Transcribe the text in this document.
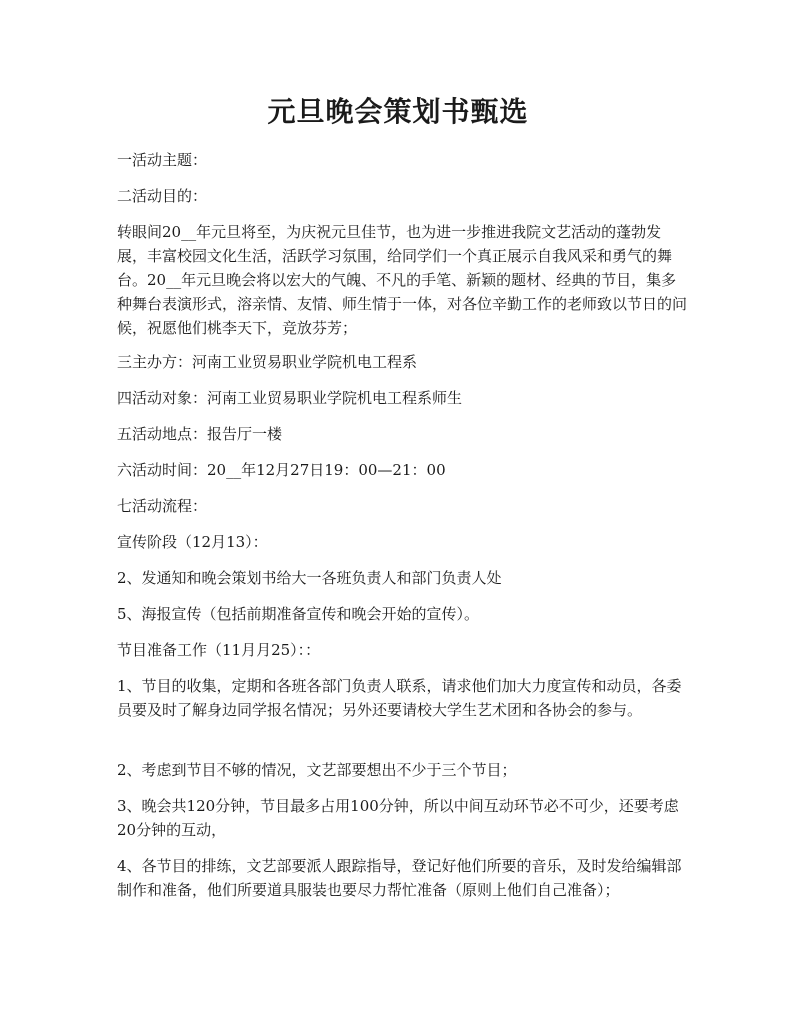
元旦晚会策划书甄选

一活动主题：

二活动目的：

转眼间20__年元旦将至，为庆祝元旦佳节，也为进一步推进我院文艺活动的蓬勃发展，丰富校园文化生活，活跃学习氛围，给同学们一个真正展示自我风采和勇气的舞台。20__年元旦晚会将以宏大的气魄、不凡的手笔、新颖的题材、经典的节目，集多种舞台表演形式，溶亲情、友情、师生情于一体，对各位辛勤工作的老师致以节日的问候，祝愿他们桃李天下，竞放芬芳；

三主办方：河南工业贸易职业学院机电工程系

四活动对象：河南工业贸易职业学院机电工程系师生

五活动地点：报告厅一楼

六活动时间：20__年12月27日19：00—21：00

七活动流程：

宣传阶段（12月13）：

2、发通知和晚会策划书给大一各班负责人和部门负责人处

5、海报宣传（包括前期准备宣传和晚会开始的宣传）。

节目准备工作（11月月25）：：

1、节目的收集，定期和各班各部门负责人联系，请求他们加大力度宣传和动员，各委员要及时了解身边同学报名情况；另外还要请校大学生艺术团和各协会的参与。

2、考虑到节目不够的情况，文艺部要想出不少于三个节目；

3、晚会共120分钟，节目最多占用100分钟，所以中间互动环节必不可少，还要考虑20分钟的互动，

4、各节目的排练，文艺部要派人跟踪指导，登记好他们所要的音乐，及时发给编辑部制作和准备，他们所要道具服装也要尽力帮忙准备（原则上他们自己准备）；
